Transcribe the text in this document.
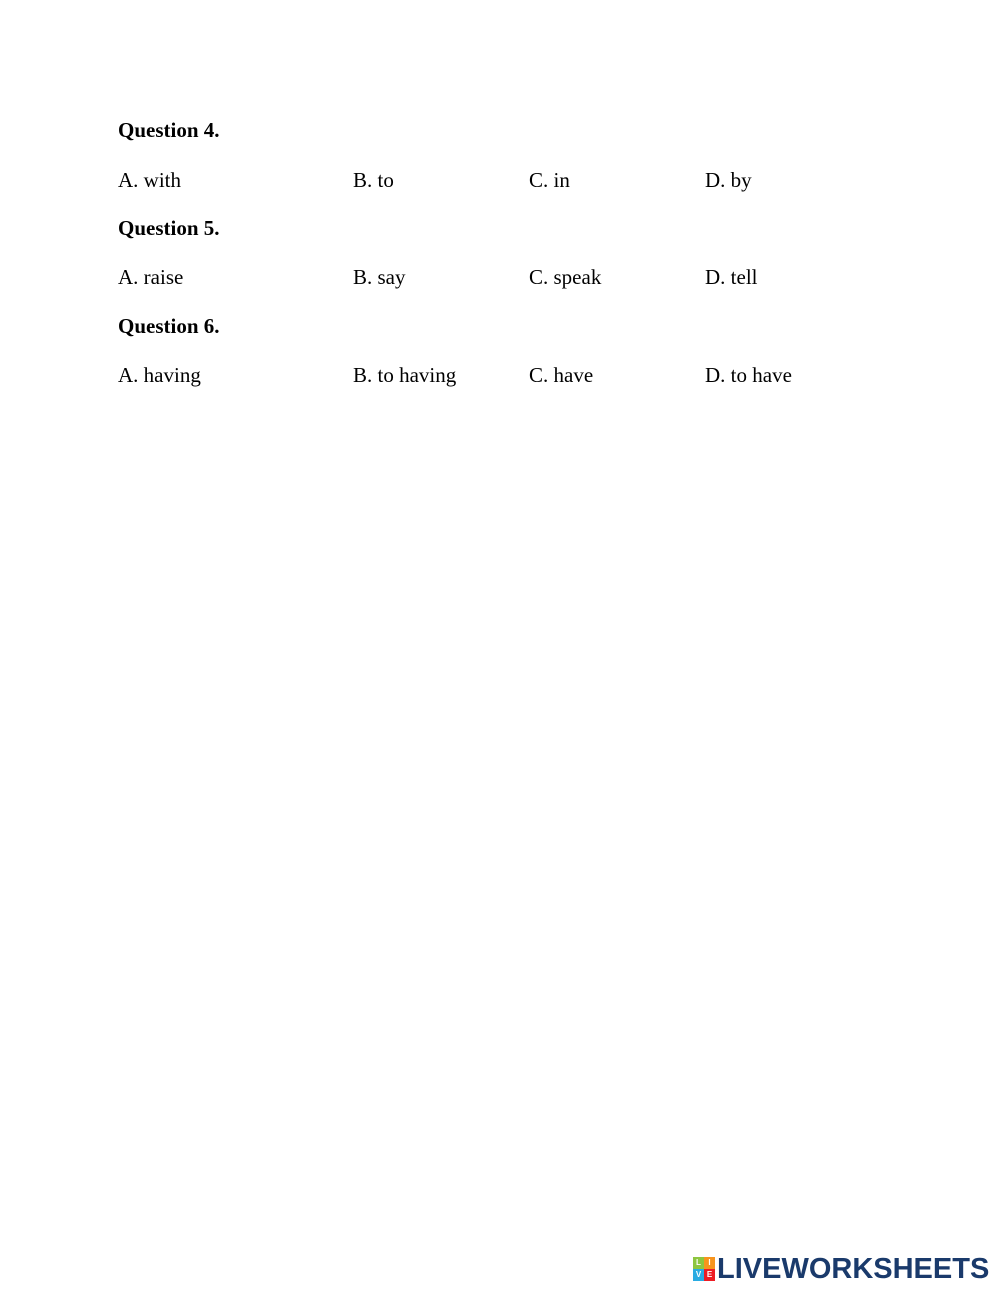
Question 4.
A. with	B. to	C. in	D. by
Question 5.
A. raise	B. say	C. speak	D. tell
Question 6.
A. having	B. to having	C. have	D. to have
L I
V E LIVEWORKSHEETS
